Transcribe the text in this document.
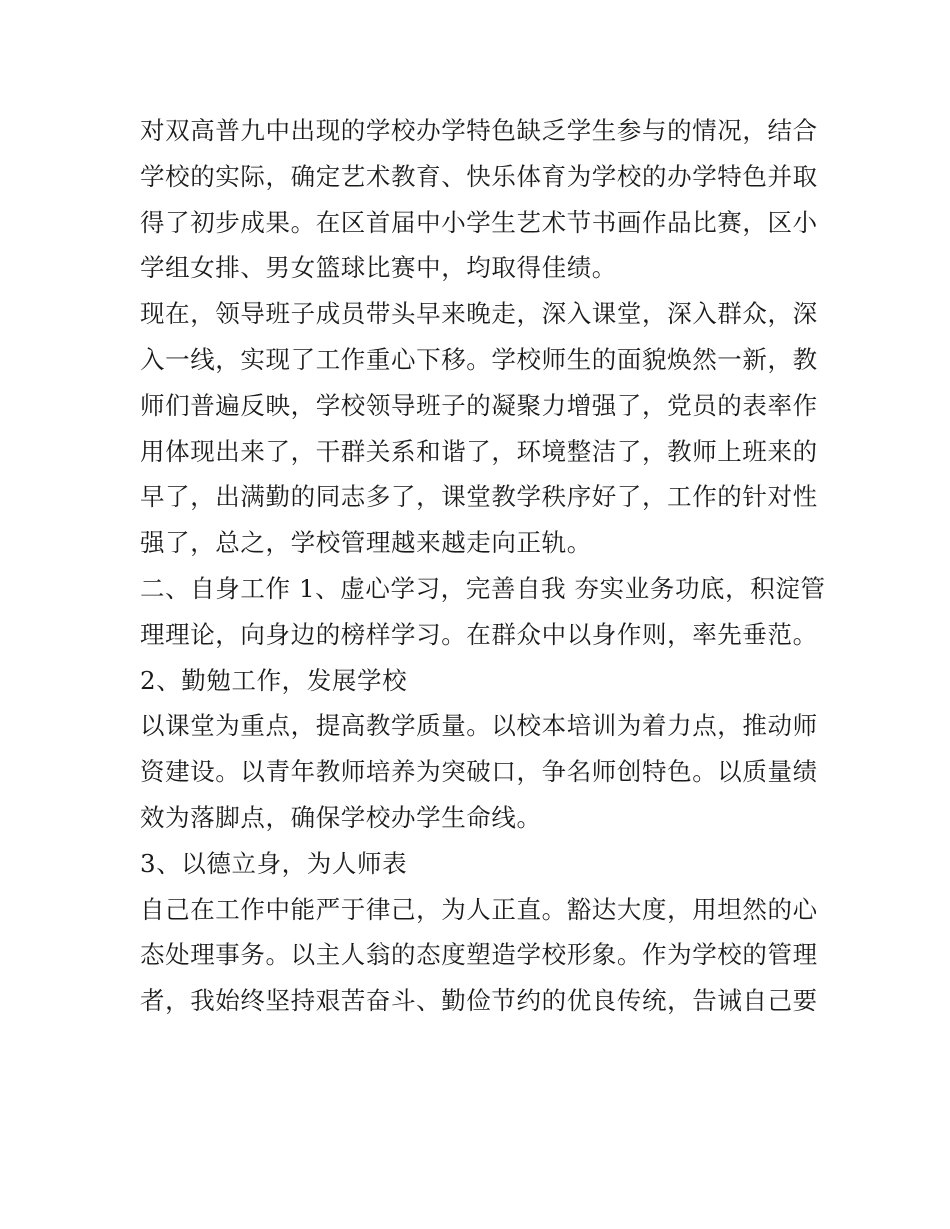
对双高普九中出现的学校办学特色缺乏学生参与的情况，结合
学校的实际，确定艺术教育、快乐体育为学校的办学特色并取
得了初步成果。在区首届中小学生艺术节书画作品比赛，区小
学组女排、男女篮球比赛中，均取得佳绩。
现在，领导班子成员带头早来晚走，深入课堂，深入群众，深
入一线，实现了工作重心下移。学校师生的面貌焕然一新，教
师们普遍反映，学校领导班子的凝聚力增强了，党员的表率作
用体现出来了，干群关系和谐了，环境整洁了，教师上班来的
早了，出满勤的同志多了，课堂教学秩序好了，工作的针对性
强了，总之，学校管理越来越走向正轨。
二、自身工作 1、虚心学习，完善自我 夯实业务功底，积淀管
理理论，向身边的榜样学习。在群众中以身作则，率先垂范。
2、勤勉工作，发展学校
以课堂为重点，提高教学质量。以校本培训为着力点，推动师
资建设。以青年教师培养为突破口，争名师创特色。以质量绩
效为落脚点，确保学校办学生命线。
3、以德立身，为人师表
自己在工作中能严于律己，为人正直。豁达大度，用坦然的心
态处理事务。以主人翁的态度塑造学校形象。作为学校的管理
者，我始终坚持艰苦奋斗、勤俭节约的优良传统，告诫自己要
